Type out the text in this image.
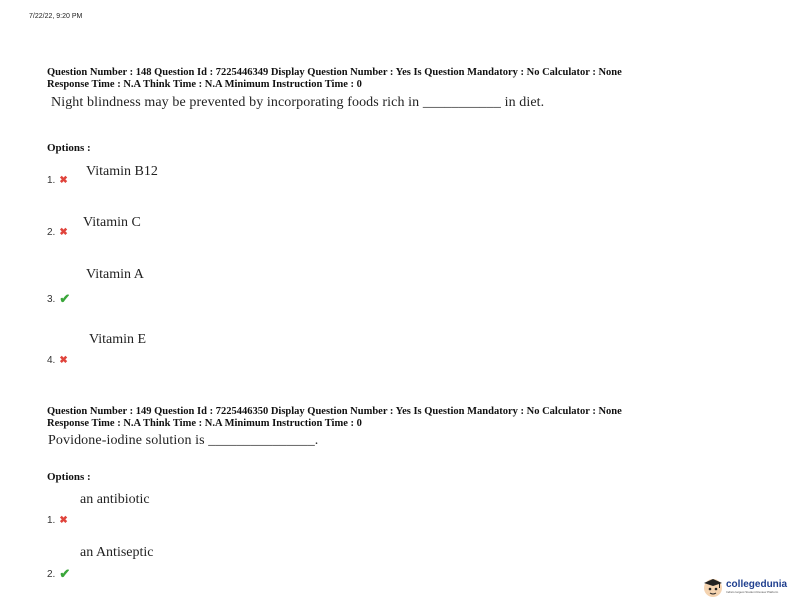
7/22/22, 9:20 PM
Question Number : 148 Question Id : 7225446349 Display Question Number : Yes Is Question Mandatory : No Calculator : None
Response Time : N.A Think Time : N.A Minimum Instruction Time : 0
Night blindness may be prevented by incorporating foods rich in ___________ in diet.
Options :
1. ✖
Vitamin B12
2. ✖
Vitamin C
3. ✔
Vitamin A
4. ✖
Vitamin E
Question Number : 149 Question Id : 7225446350 Display Question Number : Yes Is Question Mandatory : No Calculator : None
Response Time : N.A Think Time : N.A Minimum Instruction Time : 0
Povidone-iodine solution is _______________.
Options :
1. ✖
an antibiotic
2. ✔
an Antiseptic
collegedunia
India's largest Student Review Platform
